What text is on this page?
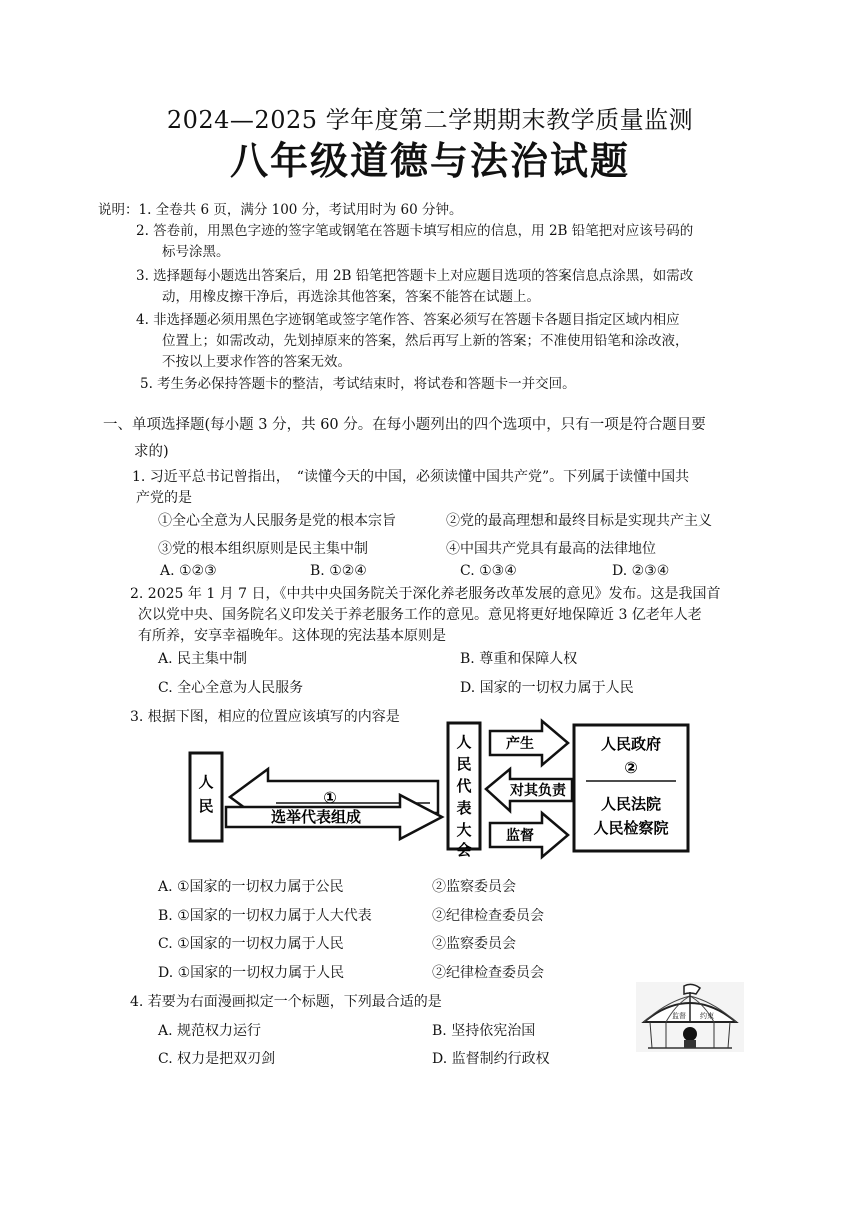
2024—2025 学年度第二学期期末教学质量监测
八年级道德与法治试题
说明：1. 全卷共 6 页，满分 100 分，考试用时为 60 分钟。
2. 答卷前，用黑色字迹的签字笔或钢笔在答题卡填写相应的信息，用 2B 铅笔把对应该号码的
标号涂黑。
3. 选择题每小题选出答案后，用 2B 铅笔把答题卡上对应题目选项的答案信息点涂黑，如需改
动，用橡皮擦干净后，再选涂其他答案，答案不能答在试题上。
4. 非选择题必须用黑色字迹钢笔或签字笔作答、答案必须写在答题卡各题目指定区域内相应
位置上；如需改动，先划掉原来的答案，然后再写上新的答案；不准使用铅笔和涂改液，
不按以上要求作答的答案无效。
5. 考生务必保持答题卡的整洁，考试结束时，将试卷和答题卡一并交回。
一、单项选择题(每小题 3 分，共 60 分。在每小题列出的四个选项中，只有一项是符合题目要
求的)
1. 习近平总书记曾指出，　“读懂今天的中国，必须读懂中国共产党”。下列属于读懂中国共
产党的是
①全心全意为人民服务是党的根本宗旨	②党的最高理想和最终目标是实现共产主义
③党的根本组织原则是民主集中制	④中国共产党具有最高的法律地位
A. ①②③	B. ①②④	C. ①③④	D. ②③④
2. 2025 年 1 月 7 日，《中共中央国务院关于深化养老服务改革发展的意见》发布。这是我国首
次以党中央、国务院名义印发关于养老服务工作的意见。意见将更好地保障近 3 亿老年人老
有所养，安享幸福晚年。这体现的宪法基本原则是
A. 民主集中制	B. 尊重和保障人权
C. 全心全意为人民服务	D. 国家的一切权力属于人民
3. 根据下图，相应的位置应该填写的内容是
人
民	①
选举代表组成
人
民
代
表
大
会
产生
对其负责
监督
人民政府
②
人民法院
人民检察院
A. ①国家的一切权力属于公民	②监察委员会
B. ①国家的一切权力属于人大代表	②纪律检查委员会
C. ①国家的一切权力属于人民	②监察委员会
D. ①国家的一切权力属于人民	②纪律检查委员会
4. 若要为右面漫画拟定一个标题，下列最合适的是
A. 规范权力运行	B. 坚持依宪治国
C. 权力是把双刃剑	D. 监督制约行政权
监督 约束
